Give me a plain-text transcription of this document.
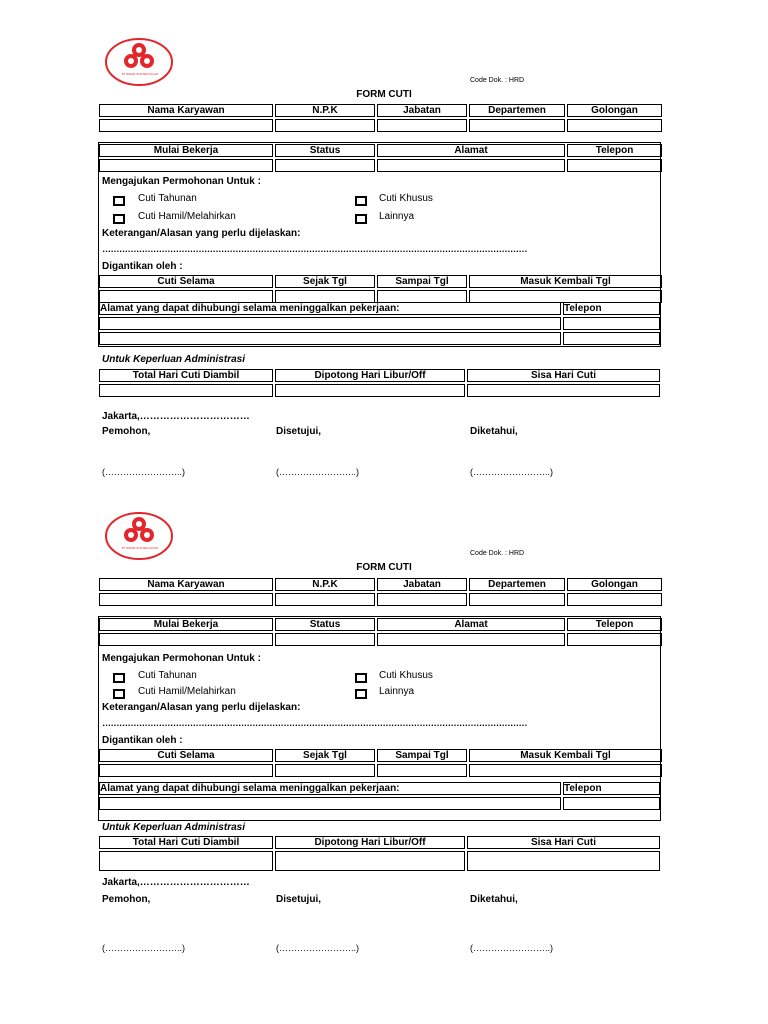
PT SINAR SUKSES SOLID
Code Dok. : HRD
FORM CUTI
Nama Karyawan	N.P.K	Jabatan	Departemen	Golongan

Mulai Bekerja	Status	Alamat	Telepon

Mengajukan Permohonan Untuk :
Cuti Tahunan	Cuti Khusus
Cuti Hamil/Melahirkan	Lainnya
Keterangan/Alasan yang perlu dijelaskan:
……………………………………………………………………………………………………………………………………
Digantikan oleh :
Cuti Selama	Sejak Tgl	Sampai Tgl	Masuk Kembali Tgl

Alamat yang dapat dihubungi selama meninggalkan pekerjaan:	Telepon

Untuk Keperluan Administrasi
Total Hari Cuti Diambil	Dipotong Hari Libur/Off	Sisa Hari Cuti

Jakarta,……………………………
Pemohon,	Disetujui,	Diketahui,
(……………………..)	(……………………..)	(……………………..)
PT SINAR SUKSES SOLID
Code Dok. : HRD
FORM CUTI
Nama Karyawan	N.P.K	Jabatan	Departemen	Golongan

Mulai Bekerja	Status	Alamat	Telepon

Mengajukan Permohonan Untuk :
Cuti Tahunan	Cuti Khusus
Cuti Hamil/Melahirkan	Lainnya
Keterangan/Alasan yang perlu dijelaskan:
……………………………………………………………………………………………………………………………………
Digantikan oleh :
Cuti Selama	Sejak Tgl	Sampai Tgl	Masuk Kembali Tgl

Alamat yang dapat dihubungi selama meninggalkan pekerjaan:	Telepon

Untuk Keperluan Administrasi
Total Hari Cuti Diambil	Dipotong Hari Libur/Off	Sisa Hari Cuti

Jakarta,……………………………
Pemohon,	Disetujui,	Diketahui,
(……………………..)	(……………………..)	(……………………..)
